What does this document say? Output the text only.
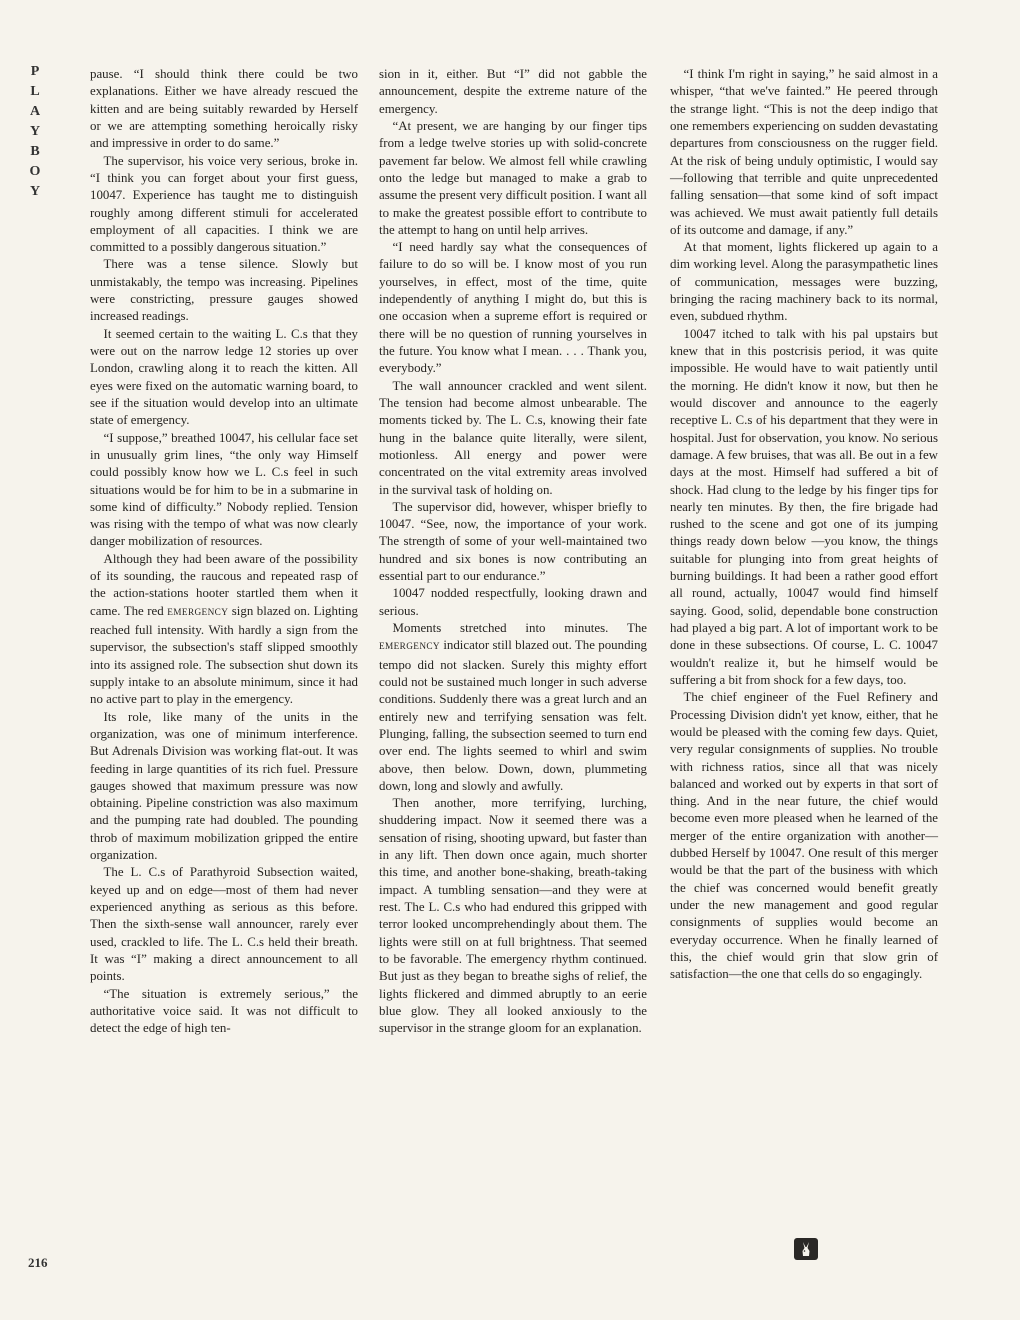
P
L
A
Y
B
O
Y

pause. “I should think there could be two explanations. Either we have already rescued the kitten and are being suitably rewarded by Herself or we are attempting something heroically risky and impressive in order to do same.”

The supervisor, his voice very serious, broke in. “I think you can forget about your first guess, 10047. Experience has taught me to distinguish roughly among different stimuli for accelerated employment of all capacities. I think we are committed to a possibly dangerous situation.”

There was a tense silence. Slowly but unmistakably, the tempo was increasing. Pipelines were constricting, pressure gauges showed increased readings.

It seemed certain to the waiting L. C.s that they were out on the narrow ledge 12 stories up over London, crawling along it to reach the kitten. All eyes were fixed on the automatic warning board, to see if the situation would develop into an ultimate state of emergency.

“I suppose,” breathed 10047, his cellular face set in unusually grim lines, “the only way Himself could possibly know how we L. C.s feel in such situations would be for him to be in a submarine in some kind of difficulty.” Nobody replied. Tension was rising with the tempo of what was now clearly danger mobilization of resources.

Although they had been aware of the possibility of its sounding, the raucous and repeated rasp of the action-stations hooter startled them when it came. The red EMERGENCY sign blazed on. Lighting reached full intensity. With hardly a sign from the supervisor, the subsection's staff slipped smoothly into its assigned role. The subsection shut down its supply intake to an absolute minimum, since it had no active part to play in the emergency.

Its role, like many of the units in the organization, was one of minimum interference. But Adrenals Division was working flat-out. It was feeding in large quantities of its rich fuel. Pressure gauges showed that maximum pressure was now obtaining. Pipeline constriction was also maximum and the pumping rate had doubled. The pounding throb of maximum mobilization gripped the entire organization.

The L. C.s of Parathyroid Subsection waited, keyed up and on edge—most of them had never experienced anything as serious as this before. Then the sixth-sense wall announcer, rarely ever used, crackled to life. The L. C.s held their breath. It was “I” making a direct announcement to all points.

“The situation is extremely serious,” the authoritative voice said. It was not difficult to detect the edge of high ten-

sion in it, either. But “I” did not gabble the announcement, despite the extreme nature of the emergency.

“At present, we are hanging by our finger tips from a ledge twelve stories up with solid-concrete pavement far below. We almost fell while crawling onto the ledge but managed to make a grab to assume the present very difficult position. I want all to make the greatest possible effort to contribute to the attempt to hang on until help arrives.

“I need hardly say what the consequences of failure to do so will be. I know most of you run yourselves, in effect, most of the time, quite independently of anything I might do, but this is one occasion when a supreme effort is required or there will be no question of running yourselves in the future. You know what I mean. . . . Thank you, everybody.”

The wall announcer crackled and went silent. The tension had become almost unbearable. The moments ticked by. The L. C.s, knowing their fate hung in the balance quite literally, were silent, motionless. All energy and power were concentrated on the vital extremity areas involved in the survival task of holding on.

The supervisor did, however, whisper briefly to 10047. “See, now, the importance of your work. The strength of some of your well-maintained two hundred and six bones is now contributing an essential part to our endurance.”

10047 nodded respectfully, looking drawn and serious.

Moments stretched into minutes. The EMERGENCY indicator still blazed out. The pounding tempo did not slacken. Surely this mighty effort could not be sustained much longer in such adverse conditions. Suddenly there was a great lurch and an entirely new and terrifying sensation was felt. Plunging, falling, the subsection seemed to turn end over end. The lights seemed to whirl and swim above, then below. Down, down, plummeting down, long and slowly and awfully.

Then another, more terrifying, lurching, shuddering impact. Now it seemed there was a sensation of rising, shooting upward, but faster than in any lift. Then down once again, much shorter this time, and another bone-shaking, breath-taking impact. A tumbling sensation—and they were at rest. The L. C.s who had endured this gripped with terror looked uncomprehendingly about them. The lights were still on at full brightness. That seemed to be favorable. The emergency rhythm continued. But just as they began to breathe sighs of relief, the lights flickered and dimmed abruptly to an eerie blue glow. They all looked anxiously to the supervisor in the strange gloom for an explanation.

“I think I'm right in saying,” he said almost in a whisper, “that we've fainted.” He peered through the strange light. “This is not the deep indigo that one remembers experiencing on sudden devastating departures from consciousness on the rugger field. At the risk of being unduly optimistic, I would say—following that terrible and quite unprecedented falling sensation—that some kind of soft impact was achieved. We must await patiently full details of its outcome and damage, if any.”

At that moment, lights flickered up again to a dim working level. Along the parasympathetic lines of communication, messages were buzzing, bringing the racing machinery back to its normal, even, subdued rhythm.

10047 itched to talk with his pal upstairs but knew that in this postcrisis period, it was quite impossible. He would have to wait patiently until the morning. He didn't know it now, but then he would discover and announce to the eagerly receptive L. C.s of his department that they were in hospital. Just for observation, you know. No serious damage. A few bruises, that was all. Be out in a few days at the most. Himself had suffered a bit of shock. Had clung to the ledge by his finger tips for nearly ten minutes. By then, the fire brigade had rushed to the scene and got one of its jumping things ready down below —you know, the things suitable for plunging into from great heights of burning buildings. It had been a rather good effort all round, actually, 10047 would find himself saying. Good, solid, dependable bone construction had played a big part. A lot of important work to be done in these subsections. Of course, L. C. 10047 wouldn't realize it, but he himself would be suffering a bit from shock for a few days, too.

The chief engineer of the Fuel Refinery and Processing Division didn't yet know, either, that he would be pleased with the coming few days. Quiet, very regular consignments of supplies. No trouble with richness ratios, since all that was nicely balanced and worked out by experts in that sort of thing. And in the near future, the chief would become even more pleased when he learned of the merger of the entire organization with another—dubbed Herself by 10047. One result of this merger would be that the part of the business with which the chief was concerned would benefit greatly under the new management and good regular consignments of supplies would become an everyday occurrence. When he finally learned of this, the chief would grin that slow grin of satisfaction—the one that cells do so engagingly.

216
